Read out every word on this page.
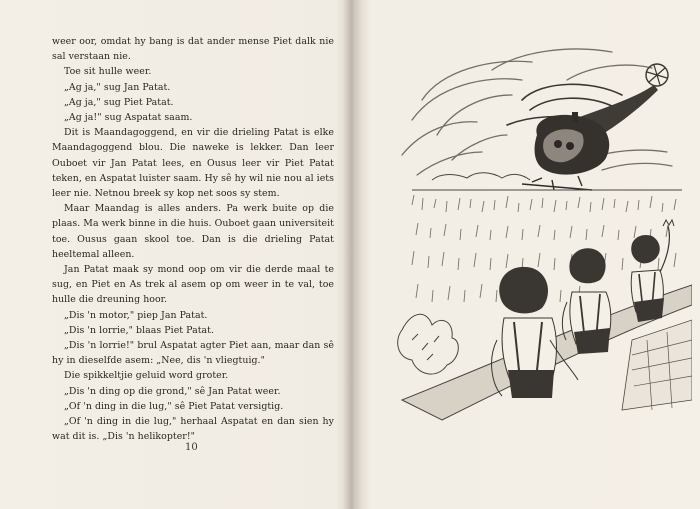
weer oor, omdat hy bang is dat ander mense Piet dalk nie sal verstaan nie.

Toe sit hulle weer.

„Ag ja," sug Jan Patat.

„Ag ja," sug Piet Patat.

„Ag ja!" sug Aspatat saam.

Dit is Maandagoggend, en vir die drieling Patat is elke Maandagoggend blou. Die naweke is lekker. Dan leer Ouboet vir Jan Patat lees, en Ousus leer vir Piet Patat teken, en Aspatat luister saam. Hy sê hy wil nie nou al iets leer nie. Netnou breek sy kop net soos sy stem.

Maar Maandag is alles anders. Pa werk buite op die plaas. Ma werk binne in die huis. Ouboet gaan universiteit toe. Ousus gaan skool toe. Dan is die drieling Patat heeltemal alleen.

Jan Patat maak sy mond oop om vir die derde maal te sug, en Piet en As trek al asem op om weer in te val, toe hulle die dreuning hoor.

„Dis 'n motor," piep Jan Patat.

„Dis 'n lorrie," blaas Piet Patat.

„Dis 'n lorrie!" brul Aspatat agter Piet aan, maar dan sê hy in dieselfde asem: „Nee, dis 'n vliegtuig."

Die spikkeltjie geluid word groter.

„Dis 'n ding op die grond," sê Jan Patat weer.

„Of 'n ding in die lug," sê Piet Patat versigtig.

„Of 'n ding in die lug," herhaal Aspatat en dan sien hy wat dit is. „Dis 'n helikopter!"

10
